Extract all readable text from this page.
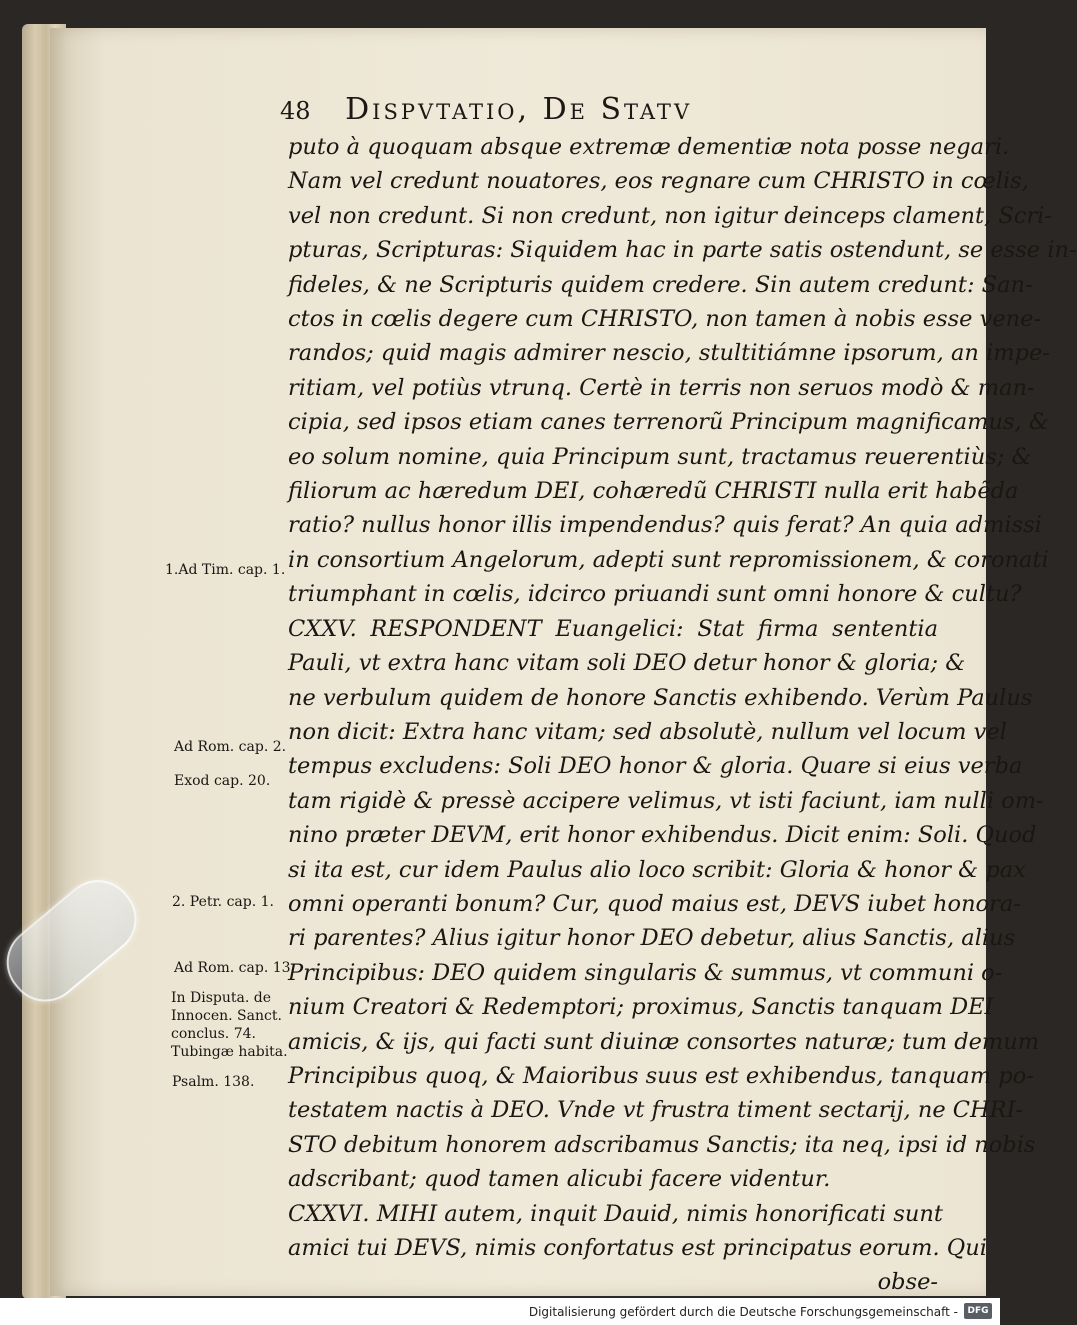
48 Dispvtatio, De Statv
puto à quoquam absque extremæ dementiæ nota posse negari.
Nam vel credunt nouatores, eos regnare cum CHRISTO in cœlis,
vel non credunt. Si non credunt, non igitur deinceps clament, Scri-
pturas, Scripturas: Siquidem hac in parte satis ostendunt, se esse in-
fideles, & ne Scripturis quidem credere. Sin autem credunt: San-
ctos in cœlis degere cum CHRISTO, non tamen à nobis esse vene-
randos; quid magis admirer nescio, stultitiámne ipsorum, an impe-
ritiam, vel potiùs vtrunq. Certè in terris non seruos modò & man-
cipia, sed ipsos etiam canes terrenorũ Principum magnificamus, &
eo solum nomine, quia Principum sunt, tractamus reuerentiùs; &
filiorum ac hæredum DEI, cohæredũ CHRISTI nulla erit habẽda
ratio? nullus honor illis impendendus? quis ferat? An quia admissi
in consortium Angelorum, adepti sunt repromissionem, & coronati
triumphant in cœlis, idcirco priuandi sunt omni honore & cultu?
CXXV. RESPONDENT Euangelici: Stat firma sententia
Pauli, vt extra hanc vitam soli DEO detur honor & gloria; &
ne verbulum quidem de honore Sanctis exhibendo. Verùm Paulus
non dicit: Extra hanc vitam; sed absolutè, nullum vel locum vel
tempus excludens: Soli DEO honor & gloria. Quare si eius verba
tam rigidè & pressè accipere velimus, vt isti faciunt, iam nulli om-
nino præter DEVM, erit honor exhibendus. Dicit enim: Soli. Quod
si ita est, cur idem Paulus alio loco scribit: Gloria & honor & pax
omni operanti bonum? Cur, quod maius est, DEVS iubet honora-
ri parentes? Alius igitur honor DEO debetur, alius Sanctis, alius
Principibus: DEO quidem singularis & summus, vt communi o-
nium Creatori & Redemptori; proximus, Sanctis tanquam DEI
amicis, & ijs, qui facti sunt diuinæ consortes naturæ; tum demum
Principibus quoq, & Maioribus suus est exhibendus, tanquam po-
testatem nactis à DEO. Vnde vt frustra timent sectarij, ne CHRI-
STO debitum honorem adscribamus Sanctis; ita neq, ipsi id nobis
adscribant; quod tamen alicubi facere videntur.
CXXVI. MIHI autem, inquit Dauid, nimis honorificati sunt
amici tui DEVS, nimis confortatus est principatus eorum. Qui
obse-
1.Ad Tim. cap. 1.
Ad Rom. cap. 2.
Exod cap. 20.
2. Petr. cap. 1.
Ad Rom. cap. 13.
In Disputa. de Innocen. Sanct. conclus. 74. Tubingæ habita.
Psalm. 138.
Digitalisierung gefördert durch die Deutsche Forschungsgemeinschaft -	DFG
